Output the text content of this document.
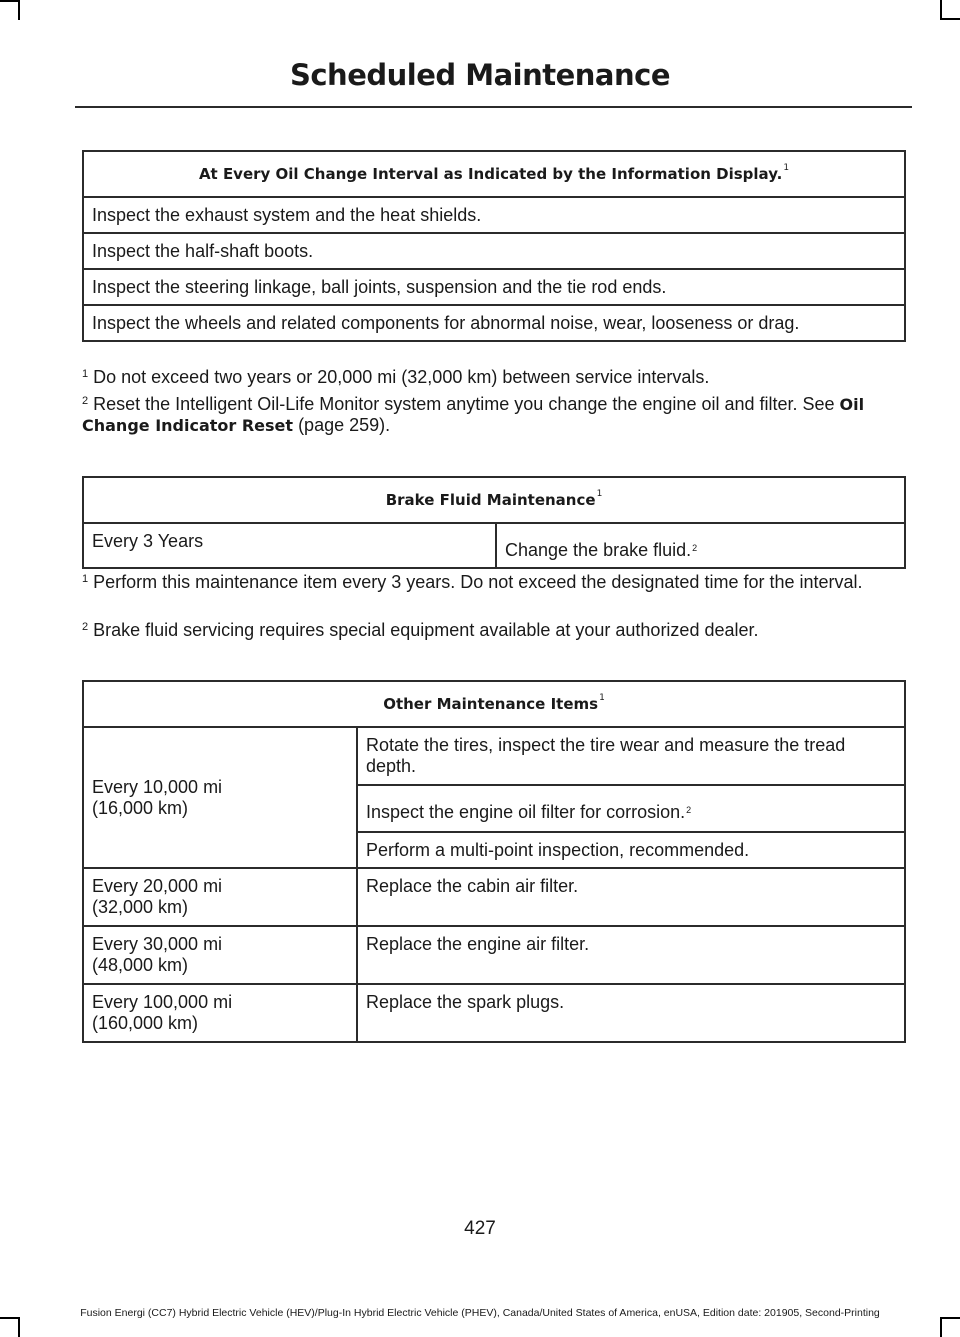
Scheduled Maintenance
At Every Oil Change Interval as Indicated by the Information Display.$^1$
Inspect the exhaust system and the heat shields.
Inspect the half-shaft boots.
Inspect the steering linkage, ball joints, suspension and the tie rod ends.
Inspect the wheels and related components for abnormal noise, wear, looseness or drag.
$^1$ Do not exceed two years or 20,000 mi (32,000 km) between service intervals.
$^2$ Reset the Intelligent Oil-Life Monitor system anytime you change the engine oil and filter. See Oil Change Indicator Reset (page 259).
Brake Fluid Maintenance$^1$
Every 3 Years	Change the brake fluid.$^2$
$^1$ Perform this maintenance item every 3 years. Do not exceed the designated time for the interval.
$^2$ Brake fluid servicing requires special equipment available at your authorized dealer.
Other Maintenance Items$^1$
Every 10,000 mi
(16,000 km)	Rotate the tires, inspect the tire wear and measure the tread depth.
	Inspect the engine oil filter for corrosion.$^2$
	Perform a multi-point inspection, recommended.
Every 20,000 mi
(32,000 km)	Replace the cabin air filter.
Every 30,000 mi
(48,000 km)	Replace the engine air filter.
Every 100,000 mi
(160,000 km)	Replace the spark plugs.
427
Fusion Energi (CC7) Hybrid Electric Vehicle (HEV)/Plug-In Hybrid Electric Vehicle (PHEV), Canada/United States of America, enUSA, Edition date: 201905, Second-Printing
